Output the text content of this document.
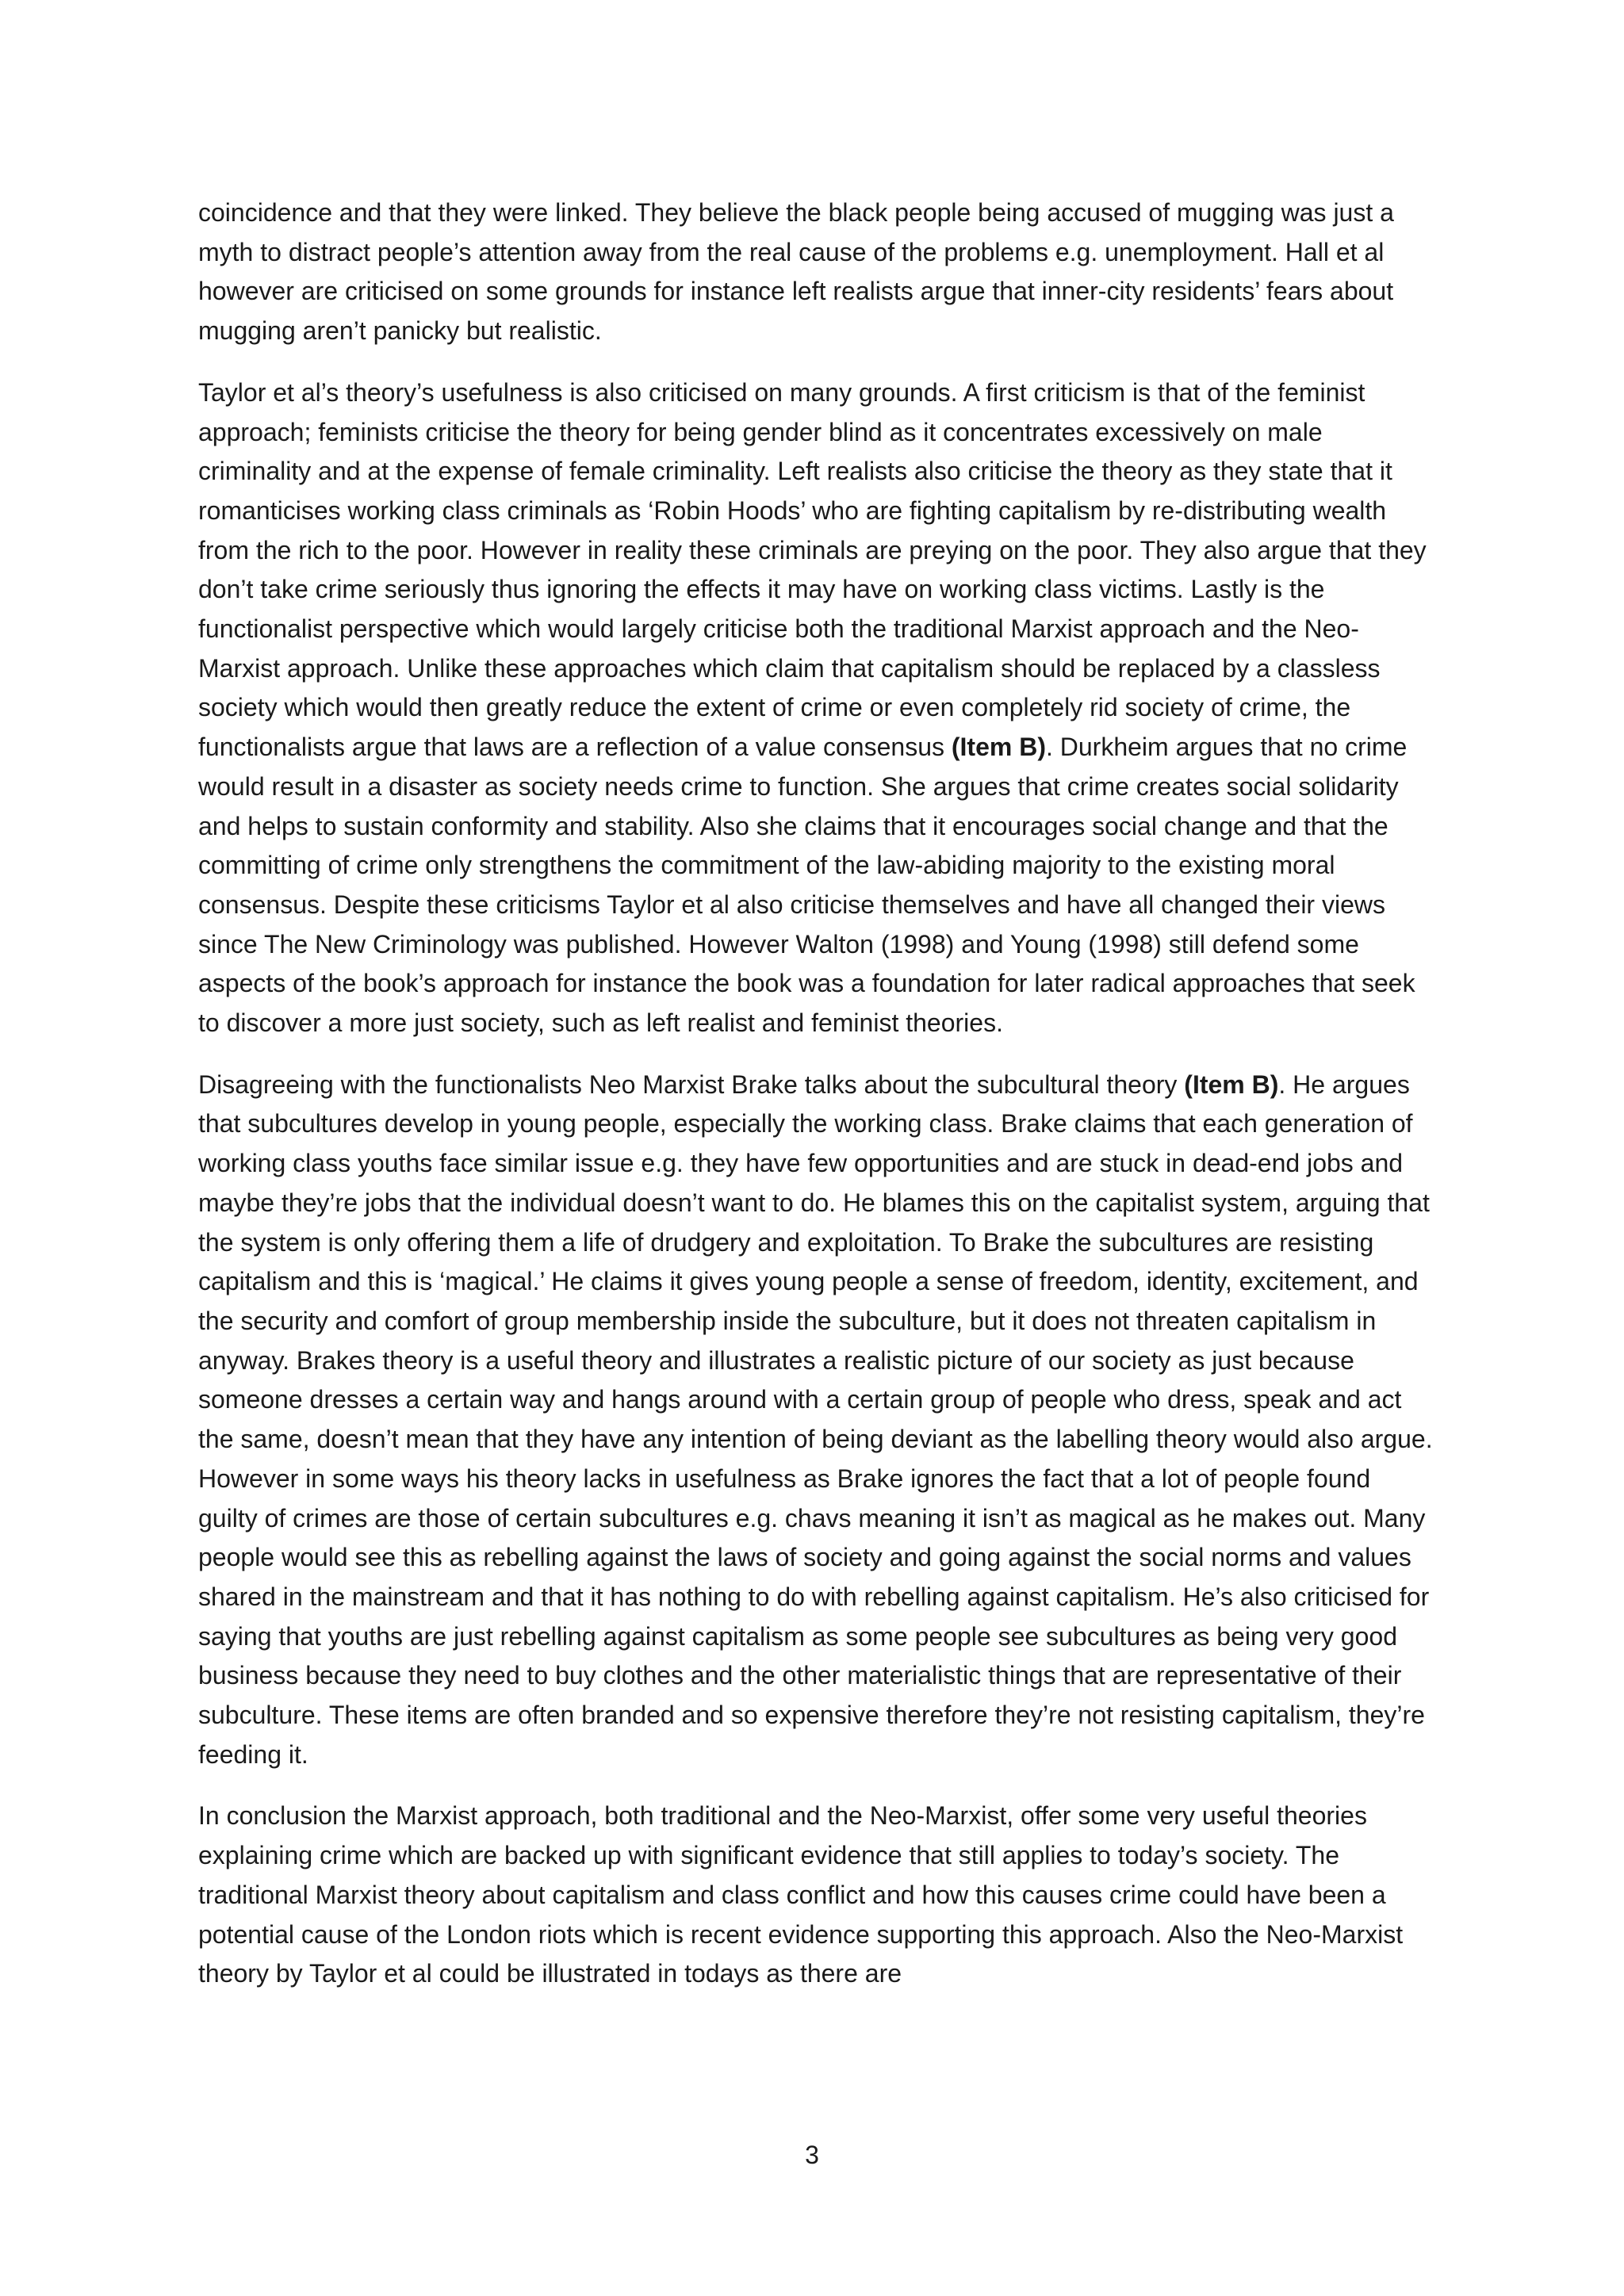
coincidence and that they were linked. They believe the black people being accused of mugging was just a myth to distract people’s attention away from the real cause of the problems e.g. unemployment. Hall et al however are criticised on some grounds for instance left realists argue that inner-city residents’ fears about mugging aren’t panicky but realistic.

Taylor et al’s theory’s usefulness is also criticised on many grounds. A first criticism is that of the feminist approach; feminists criticise the theory for being gender blind as it concentrates excessively on male criminality and at the expense of female criminality. Left realists also criticise the theory as they state that it romanticises working class criminals as ‘Robin Hoods’ who are fighting capitalism by re-distributing wealth from the rich to the poor. However in reality these criminals are preying on the poor. They also argue that they don’t take crime seriously thus ignoring the effects it may have on working class victims. Lastly is the functionalist perspective which would largely criticise both the traditional Marxist approach and the Neo-Marxist approach. Unlike these approaches which claim that capitalism should be replaced by a classless society which would then greatly reduce the extent of crime or even completely rid society of crime, the functionalists argue that laws are a reflection of a value consensus (Item B). Durkheim argues that no crime would result in a disaster as society needs crime to function. She argues that crime creates social solidarity and helps to sustain conformity and stability. Also she claims that it encourages social change and that the committing of crime only strengthens the commitment of the law-abiding majority to the existing moral consensus. Despite these criticisms Taylor et al also criticise themselves and have all changed their views since The New Criminology was published. However Walton (1998) and Young (1998) still defend some aspects of the book’s approach for instance the book was a foundation for later radical approaches that seek to discover a more just society, such as left realist and feminist theories.

Disagreeing with the functionalists Neo Marxist Brake talks about the subcultural theory (Item B). He argues that subcultures develop in young people, especially the working class. Brake claims that each generation of working class youths face similar issue e.g. they have few opportunities and are stuck in dead-end jobs and maybe they’re jobs that the individual doesn’t want to do. He blames this on the capitalist system, arguing that the system is only offering them a life of drudgery and exploitation. To Brake the subcultures are resisting capitalism and this is ‘magical.’ He claims it gives young people a sense of freedom, identity, excitement, and the security and comfort of group membership inside the subculture, but it does not threaten capitalism in anyway. Brakes theory is a useful theory and illustrates a realistic picture of our society as just because someone dresses a certain way and hangs around with a certain group of people who dress, speak and act the same, doesn’t mean that they have any intention of being deviant as the labelling theory would also argue. However in some ways his theory lacks in usefulness as Brake ignores the fact that a lot of people found guilty of crimes are those of certain subcultures e.g. chavs meaning it isn’t as magical as he makes out. Many people would see this as rebelling against the laws of society and going against the social norms and values shared in the mainstream and that it has nothing to do with rebelling against capitalism. He’s also criticised for saying that youths are just rebelling against capitalism as some people see subcultures as being very good business because they need to buy clothes and the other materialistic things that are representative of their subculture. These items are often branded and so expensive therefore they’re not resisting capitalism, they’re feeding it.

In conclusion the Marxist approach, both traditional and the Neo-Marxist, offer some very useful theories explaining crime which are backed up with significant evidence that still applies to today’s society. The traditional Marxist theory about capitalism and class conflict and how this causes crime could have been a potential cause of the London riots which is recent evidence supporting this approach. Also the Neo-Marxist theory by Taylor et al could be illustrated in todays as there are

3
